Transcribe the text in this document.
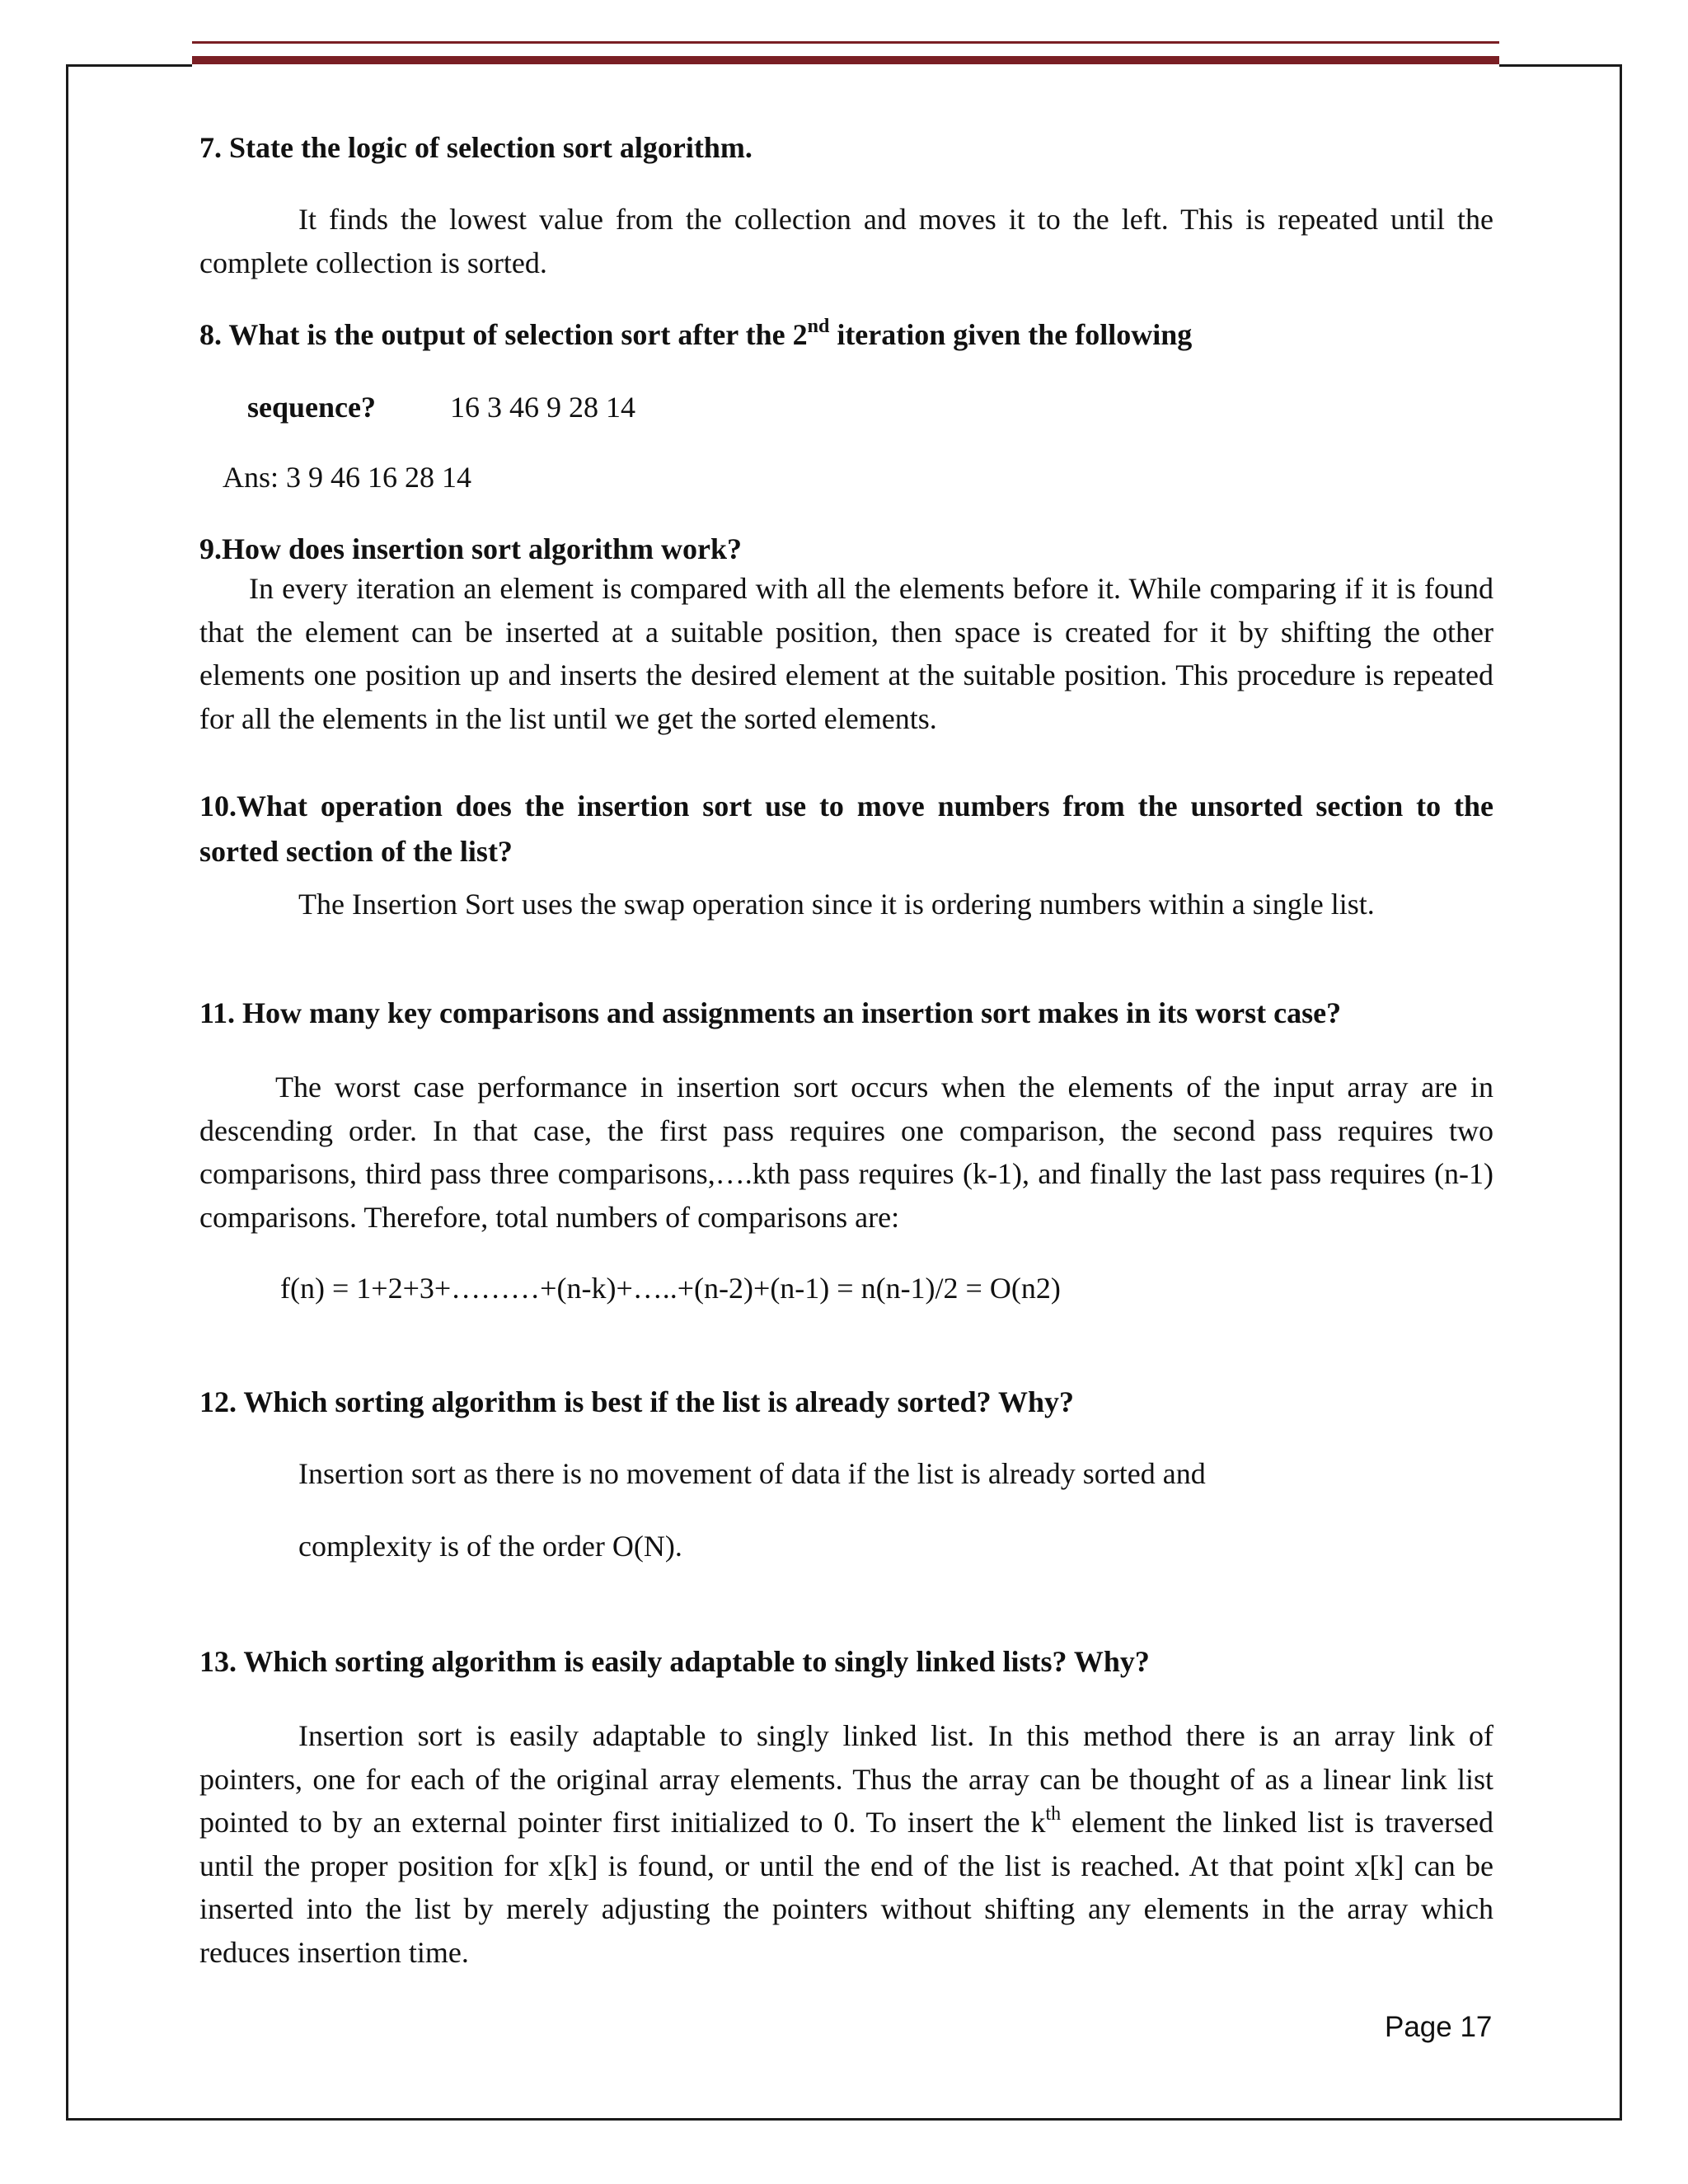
7. State the logic of selection sort algorithm.
It finds the lowest value from the collection and moves it to the left. This is repeated until the complete collection is sorted.
8. What is the output of selection sort after the 2nd iteration given the following
sequence?	16 3 46 9 28 14
Ans: 3 9 46 16 28 14
9.How does insertion sort algorithm work?
In every iteration an element is compared with all the elements before it. While comparing if it is found that the element can be inserted at a suitable position, then space is created for it by shifting the other elements one position up and inserts the desired element at the suitable position. This procedure is repeated for all the elements in the list until we get the sorted elements.
10.What operation does the insertion sort use to move numbers from the unsorted section to the sorted section of the list?
The Insertion Sort uses the swap operation since it is ordering numbers within a single list.
11. How many key comparisons and assignments an insertion sort makes in its worst case?
The worst case performance in insertion sort occurs when the elements of the input array are in descending order. In that case, the first pass requires one comparison, the second pass requires two comparisons, third pass three comparisons,….kth pass requires (k-1), and finally the last pass requires (n-1) comparisons. Therefore, total numbers of comparisons are:
f(n) = 1+2+3+………+(n-k)+…..+(n-2)+(n-1) = n(n-1)/2 = O(n2)
12. Which sorting algorithm is best if the list is already sorted? Why?
Insertion sort as there is no movement of data if the list is already sorted and
complexity is of the order O(N).
13. Which sorting algorithm is easily adaptable to singly linked lists? Why?
Insertion sort is easily adaptable to singly linked list. In this method there is an array link of pointers, one for each of the original array elements. Thus the array can be thought of as a linear link list pointed to by an external pointer first initialized to 0. To insert the $k^{th}$ element the linked list is traversed until the proper position for x[k] is found, or until the end of the list is reached. At that point x[k] can be inserted into the list by merely adjusting the pointers without shifting any elements in the array which reduces insertion time.
Page 17
